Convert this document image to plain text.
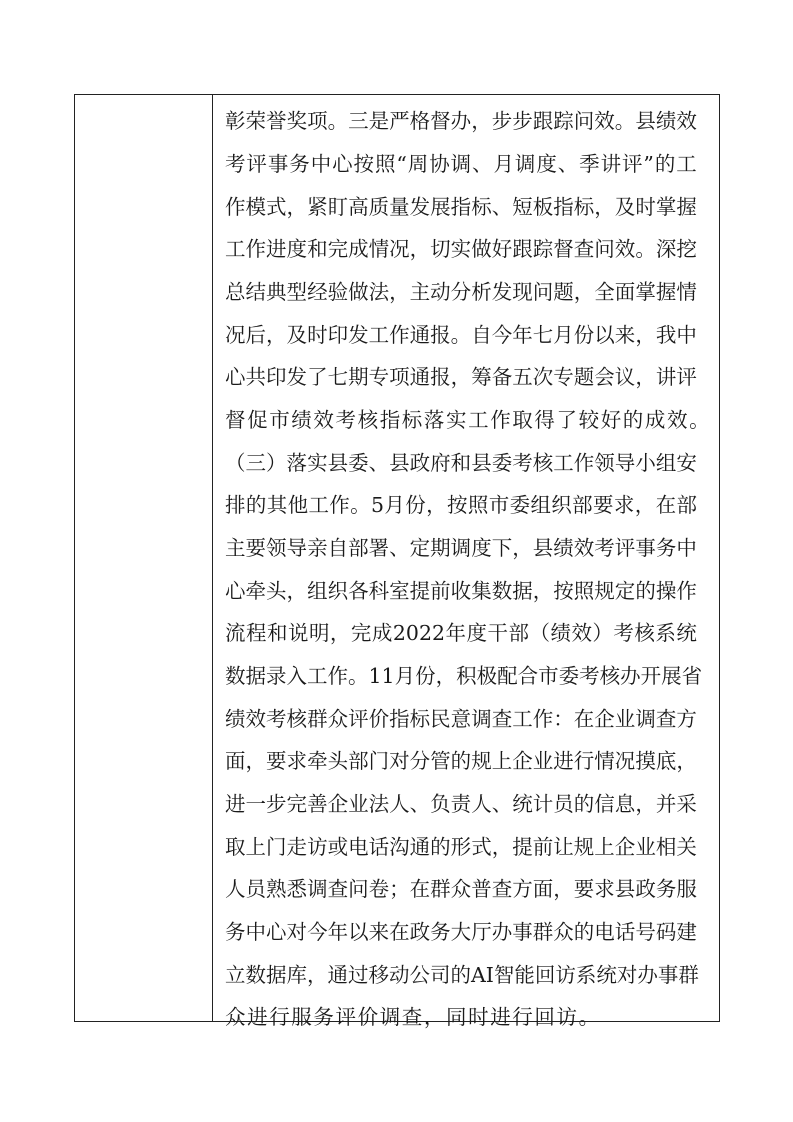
彰 荣 誉 奖 项 。 三 是 严 格 督 办 ， 步 步 跟 踪 问 效 。 县 绩 效
考 评 事 务 中 心 按 照 “ 周 协 调 、 月 调 度 、 季 讲 评 ” 的 工
作 模 式 ， 紧 盯 高 质 量 发 展 指 标 、 短 板 指 标 ， 及 时 掌 握
工 作 进 度 和 完 成 情 况 ， 切 实 做 好 跟 踪 督 查 问 效 。 深 挖
总 结 典 型 经 验 做 法 ， 主 动 分 析 发 现 问 题 ， 全 面 掌 握 情
况 后 ， 及 时 印 发 工 作 通 报 。 自 今 年 七 月 份 以 来 ， 我 中
心 共 印 发 了 七 期 专 项 通 报 ， 筹 备 五 次 专 题 会 议 ， 讲 评
督促市绩效考核指标落实工作取得了较好的成效。
（ 三 ） 落 实 县 委 、 县 政 府 和 县 委 考 核 工 作 领 导 小 组 安
排 的 其 他 工 作 。 5 月 份 ， 按 照 市 委 组 织 部 要 求 ， 在 部
主 要 领 导 亲 自 部 署 、 定 期 调 度 下 ， 县 绩 效 考 评 事 务 中
心 牵 头 ， 组 织 各 科 室 提 前 收 集 数 据 ， 按 照 规 定 的 操 作
流 程 和 说 明 ， 完 成 2022 年 度 干 部 （ 绩 效 ） 考 核 系 统
数 据 录 入 工 作 。 11 月 份 ， 积 极 配 合 市 委 考 核 办 开 展 省
绩 效 考 核 群 众 评 价 指 标 民 意 调 查 工 作 ： 在 企 业 调 查 方
面 ， 要 求 牵 头 部 门 对 分 管 的 规 上 企 业 进 行 情 况 摸 底 ，
进 一 步 完 善 企 业 法 人 、 负 责 人 、 统 计 员 的 信 息 ， 并 采
取 上 门 走 访 或 电 话 沟 通 的 形 式 ， 提 前 让 规 上 企 业 相 关
人 员 熟 悉 调 查 问 卷 ； 在 群 众 普 查 方 面 ， 要 求 县 政 务 服
务 中 心 对 今 年 以 来 在 政 务 大 厅 办 事 群 众 的 电 话 号 码 建
立 数 据 库 ， 通 过 移 动 公 司 的 AI 智 能 回 访 系 统 对 办 事 群
众进行服务评价调查，同时进行回访。
